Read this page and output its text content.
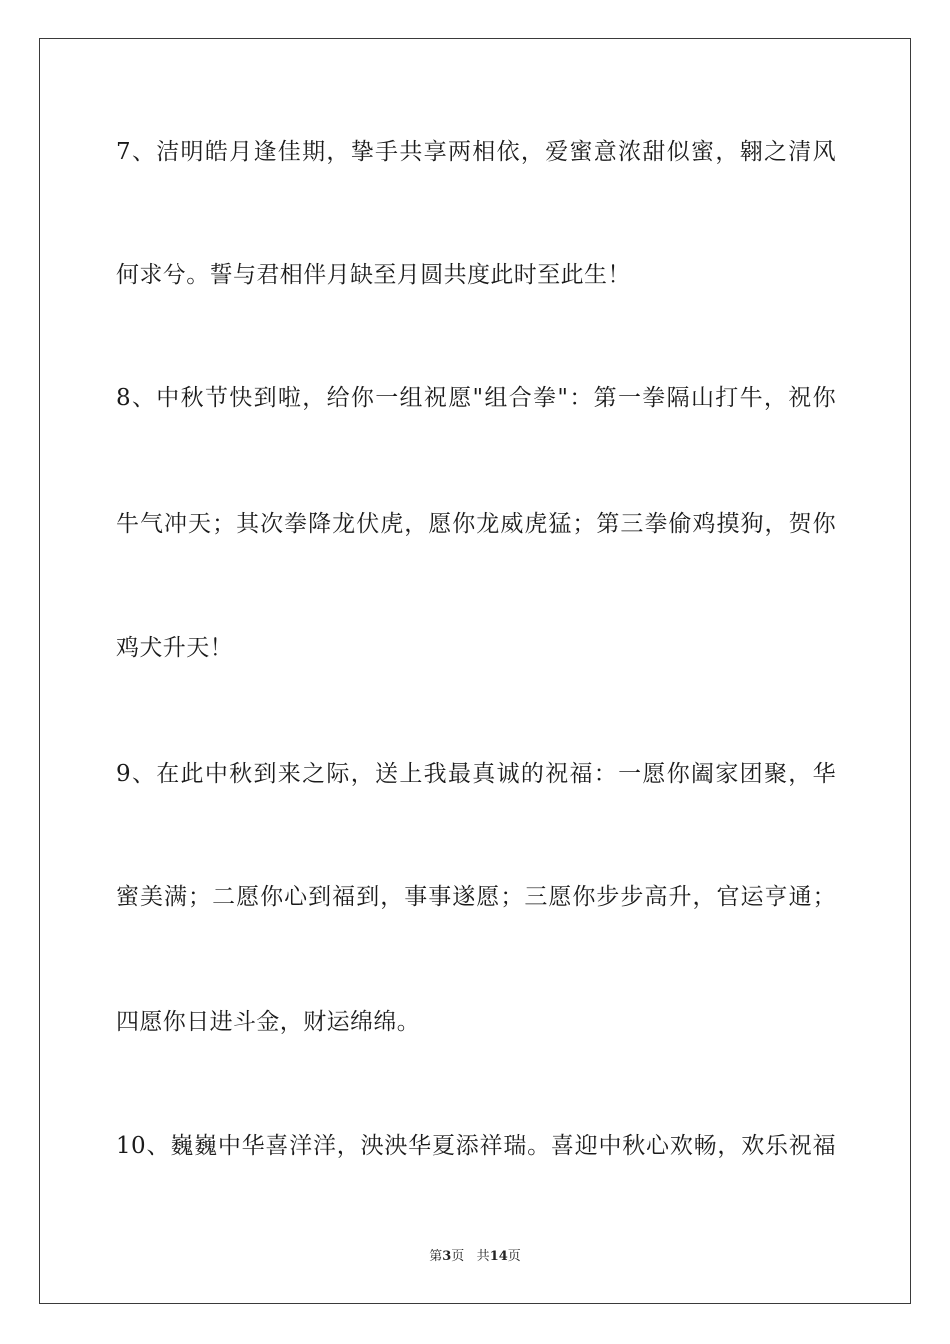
7、洁明皓月逢佳期，挚手共享两相依，爱蜜意浓甜似蜜，翱之清风
何求兮。誓与君相伴月缺至月圆共度此时至此生！
8、中秋节快到啦，给你一组祝愿"组合拳"：第一拳隔山打牛，祝你
牛气冲天；其次拳降龙伏虎，愿你龙威虎猛；第三拳偷鸡摸狗，贺你
鸡犬升天！
9、在此中秋到来之际，送上我最真诚的祝福：一愿你阖家团聚，华
蜜美满；二愿你心到福到，事事遂愿；三愿你步步高升，官运亨通；
四愿你日进斗金，财运绵绵。
10、巍巍中华喜洋洋，泱泱华夏添祥瑞。喜迎中秋心欢畅，欢乐祝福
第3页 共14页
